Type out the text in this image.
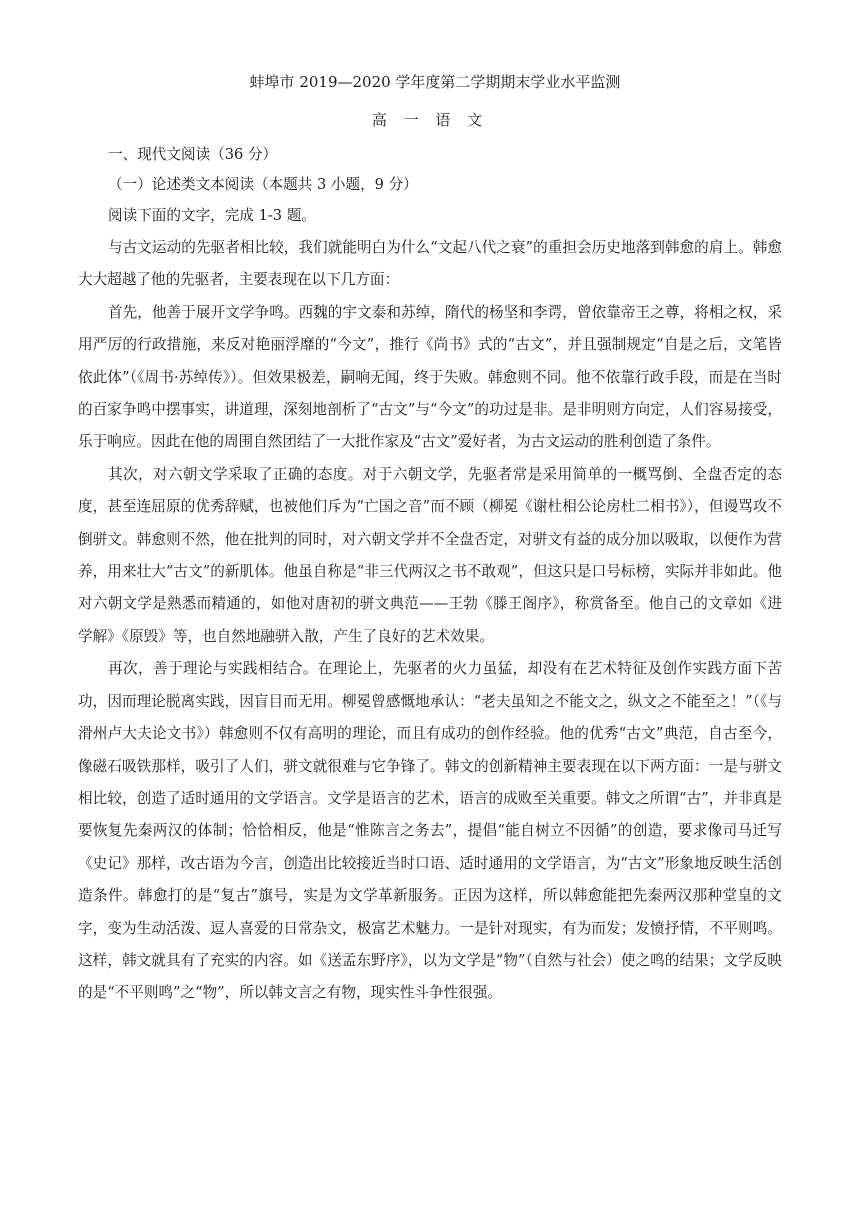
蚌埠市 2019—2020 学年度第二学期期末学业水平监测

高 一 语 文

一、现代文阅读（36 分）

（一）论述类文本阅读（本题共 3 小题，9 分）

阅读下面的文字，完成 1-3 题。

与古文运动的先驱者相比较，我们就能明白为什么“文起八代之衰”的重担会历史地落到韩愈的肩上。韩愈大大超越了他的先驱者，主要表现在以下几方面：

首先，他善于展开文学争鸣。西魏的宇文泰和苏绰，隋代的杨坚和李谔，曾依靠帝王之尊，将相之权，采用严厉的行政措施，来反对艳丽浮靡的“今文”，推行《尚书》式的“古文”，并且强制规定“自是之后，文笔皆依此体”（《周书·苏绰传》）。但效果极差，嗣响无闻，终于失败。韩愈则不同。他不依靠行政手段，而是在当时的百家争鸣中摆事实，讲道理，深刻地剖析了“古文”与“今文”的功过是非。是非明则方向定，人们容易接受，乐于响应。因此在他的周围自然团结了一大批作家及“古文”爱好者，为古文运动的胜利创造了条件。

其次，对六朝文学采取了正确的态度。对于六朝文学，先驱者常是采用简单的一概骂倒、全盘否定的态度，甚至连屈原的优秀辞赋，也被他们斥为“亡国之音”而不顾（柳冕《谢杜相公论房杜二相书》），但谩骂攻不倒骈文。韩愈则不然，他在批判的同时，对六朝文学并不全盘否定，对骈文有益的成分加以吸取，以便作为营养，用来壮大“古文”的新肌体。他虽自称是“非三代两汉之书不敢观”，但这只是口号标榜，实际并非如此。他对六朝文学是熟悉而精通的，如他对唐初的骈文典范——王勃《滕王阁序》，称赏备至。他自己的文章如《进学解》《原毁》等，也自然地融骈入散，产生了良好的艺术效果。

再次，善于理论与实践相结合。在理论上，先驱者的火力虽猛，却没有在艺术特征及创作实践方面下苦功，因而理论脱离实践，因盲目而无用。柳冕曾感慨地承认：“老夫虽知之不能文之，纵文之不能至之！”（《与滑州卢大夫论文书》）韩愈则不仅有高明的理论，而且有成功的创作经验。他的优秀“古文”典范，自古至今，像磁石吸铁那样，吸引了人们，骈文就很难与它争锋了。韩文的创新精神主要表现在以下两方面：一是与骈文相比较，创造了适时通用的文学语言。文学是语言的艺术，语言的成败至关重要。韩文之所谓“古”，并非真是要恢复先秦两汉的体制；恰恰相反，他是“惟陈言之务去”，提倡“能自树立不因循”的创造，要求像司马迁写《史记》那样，改古语为今言，创造出比较接近当时口语、适时通用的文学语言，为“古文”形象地反映生活创造条件。韩愈打的是“复古”旗号，实是为文学革新服务。正因为这样，所以韩愈能把先秦两汉那种堂皇的文字，变为生动活泼、逗人喜爱的日常杂文，极富艺术魅力。一是针对现实，有为而发；发愤抒情，不平则鸣。这样，韩文就具有了充实的内容。如《送孟东野序》，以为文学是“物”（自然与社会）使之鸣的结果；文学反映的是“不平则鸣”之“物”，所以韩文言之有物，现实性斗争性很强。
